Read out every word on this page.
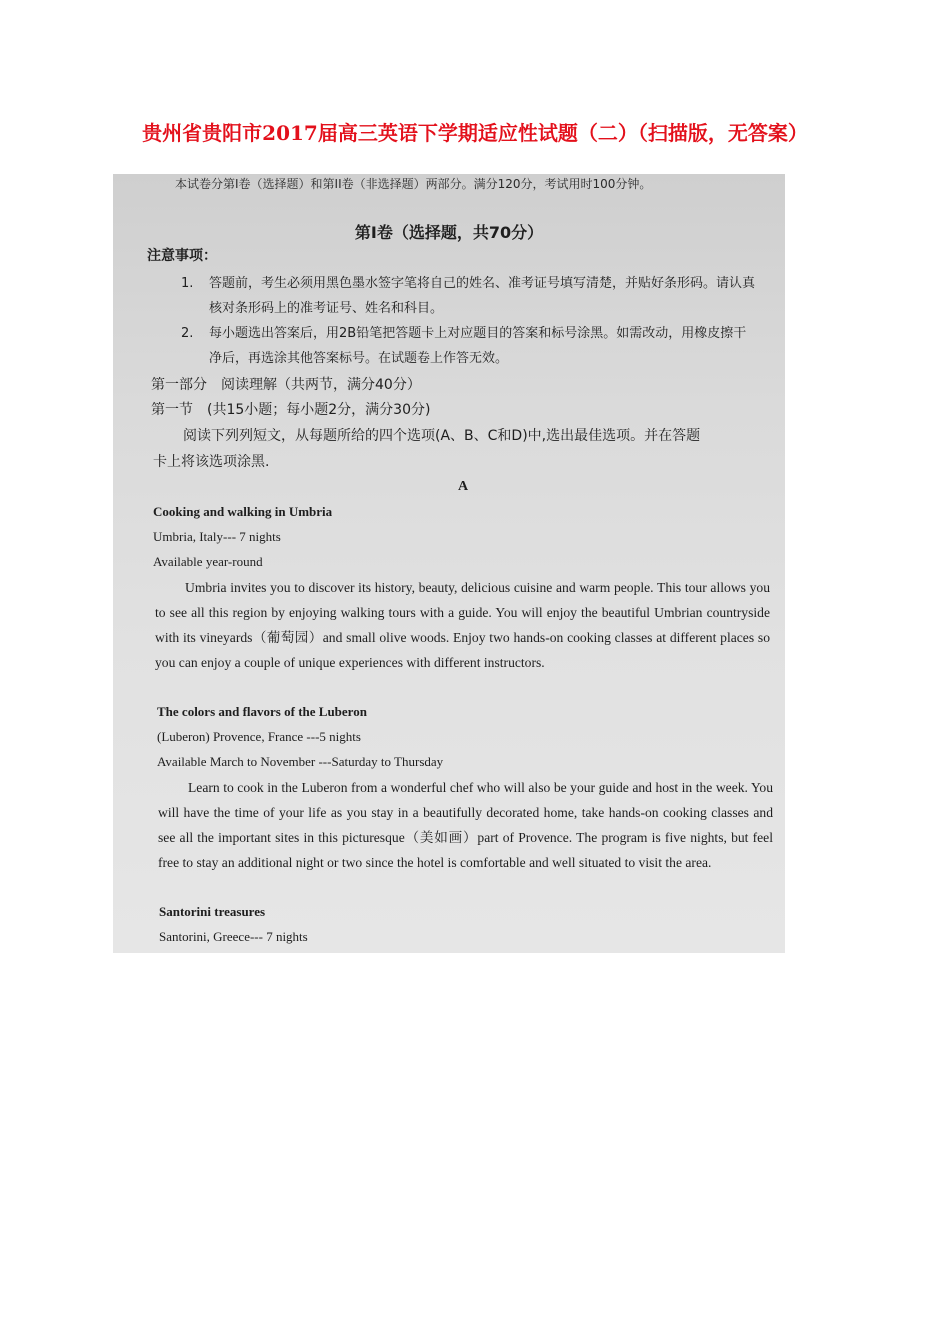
贵州省贵阳市2017届高三英语下学期适应性试题（二）（扫描版，无答案）

本试卷分第I卷（选择题）和第II卷（非选择题）两部分。满分120分，考试用时100分钟。

第I卷（选择题，共70分）

注意事项：

1. 答题前，考生必须用黑色墨水签字笔将自己的姓名、准考证号填写清楚，并贴好条形码。请认真

核对条形码上的准考证号、姓名和科目。

2. 每小题选出答案后，用2B铅笔把答题卡上对应题目的答案和标号涂黑。如需改动，用橡皮擦干

净后，再选涂其他答案标号。在试题卷上作答无效。

第一部分　阅读理解（共两节，满分40分）

第一节　(共15小题；每小题2分，满分30分)

阅读下列列短文，从每题所给的四个选项(A、B、C和D)中,选出最佳选项。并在答题

卡上将该选项涂黑.

A

Cooking and walking in Umbria

Umbria, Italy--- 7 nights

Available year-round

Umbria invites you to discover its history, beauty, delicious cuisine and warm people. This tour allows you to see all this region by enjoying walking tours with a guide. You will enjoy the beautiful Umbrian countryside with its vineyards（葡萄园）and small olive woods. Enjoy two hands-on cooking classes at different places so you can enjoy a couple of unique experiences with different instructors.

The colors and flavors of the Luberon

(Luberon) Provence, France ---5 nights

Available March to November ---Saturday to Thursday

Learn to cook in the Luberon from a wonderful chef who will also be your guide and host in the week. You will have the time of your life as you stay in a beautifully decorated home, take hands-on cooking classes and see all the important sites in this picturesque（美如画）part of Provence. The program is five nights, but feel free to stay an additional night or two since the hotel is comfortable and well situated to visit the area.

Santorini treasures

Santorini, Greece--- 7 nights
